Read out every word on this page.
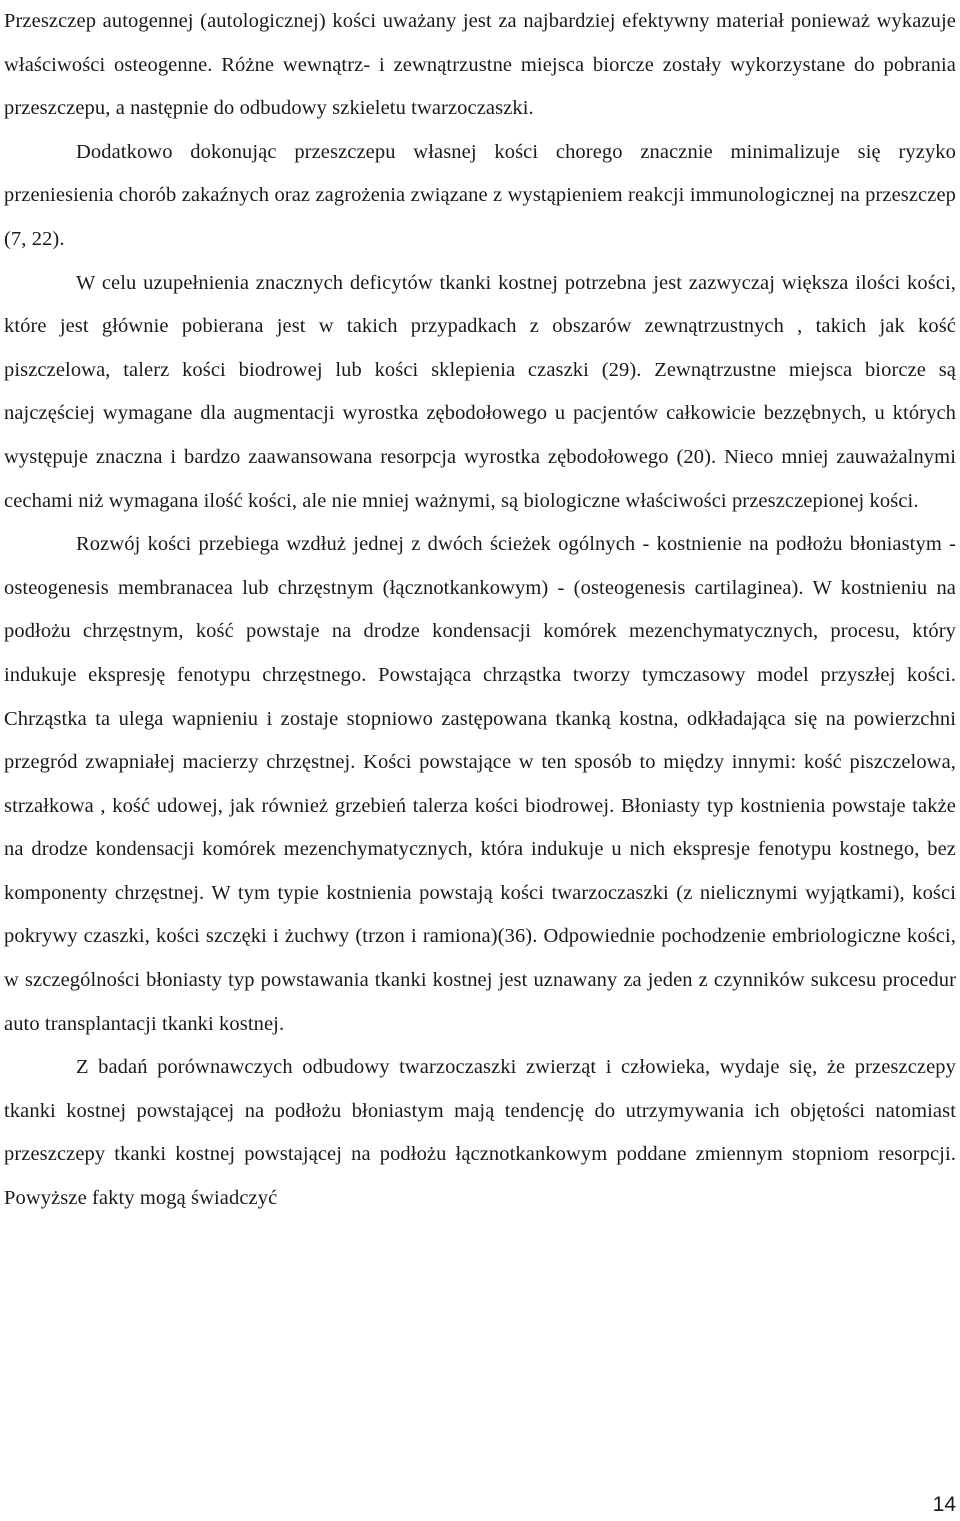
Przeszczep autogennej (autologicznej) kości uważany jest za najbardziej efektywny materiał ponieważ wykazuje właściwości osteogenne. Różne wewnątrz- i zewnątrzustne miejsca biorcze zostały wykorzystane do pobrania przeszczepu, a następnie do odbudowy szkieletu twarzoczaszki.

Dodatkowo dokonując przeszczepu własnej kości chorego znacznie minimalizuje się ryzyko przeniesienia chorób zakaźnych oraz zagrożenia związane z wystąpieniem reakcji immunologicznej na przeszczep (7, 22).

W celu uzupełnienia znacznych deficytów tkanki kostnej potrzebna jest zazwyczaj większa ilości kości, które jest głównie pobierana jest w takich przypadkach z obszarów zewnątrzustnych , takich jak kość piszczelowa, talerz kości biodrowej lub kości sklepienia czaszki (29). Zewnątrzustne miejsca biorcze są najczęściej wymagane dla augmentacji wyrostka zębodołowego u pacjentów całkowicie bezzębnych, u których występuje znaczna i bardzo zaawansowana resorpcja wyrostka zębodołowego (20). Nieco mniej zauważalnymi cechami niż wymagana ilość kości, ale nie mniej ważnymi, są biologiczne właściwości przeszczepionej kości.

Rozwój kości przebiega wzdłuż jednej z dwóch ścieżek ogólnych - kostnienie na podłożu błoniastym - osteogenesis membranacea lub chrzęstnym (łącznotkankowym) - (osteogenesis cartilaginea). W kostnieniu na podłożu chrzęstnym, kość powstaje na drodze kondensacji komórek mezenchymatycznych, procesu, który indukuje ekspresję fenotypu chrzęstnego. Powstająca chrząstka tworzy tymczasowy model przyszłej kości. Chrząstka ta ulega wapnieniu i zostaje stopniowo zastępowana tkanką kostna, odkładająca się na powierzchni przegród zwapniałej macierzy chrzęstnej. Kości powstające w ten sposób to między innymi: kość piszczelowa, strzałkowa , kość udowej, jak również grzebień talerza kości biodrowej. Błoniasty typ kostnienia powstaje także na drodze kondensacji komórek mezenchymatycznych, która indukuje u nich ekspresje fenotypu kostnego, bez komponenty chrzęstnej. W tym typie kostnienia powstają kości twarzoczaszki (z nielicznymi wyjątkami), kości pokrywy czaszki, kości szczęki i żuchwy (trzon i ramiona)(36). Odpowiednie pochodzenie embriologiczne kości, w szczególności błoniasty typ powstawania tkanki kostnej jest uznawany za jeden z czynników sukcesu procedur auto transplantacji tkanki kostnej.

Z badań porównawczych odbudowy twarzoczaszki zwierząt i człowieka, wydaje się, że przeszczepy tkanki kostnej powstającej na podłożu błoniastym mają tendencję do utrzymywania ich objętości natomiast przeszczepy tkanki kostnej powstającej na podłożu łącznotkankowym poddane zmiennym stopniom resorpcji. Powyższe fakty mogą świadczyć

14
